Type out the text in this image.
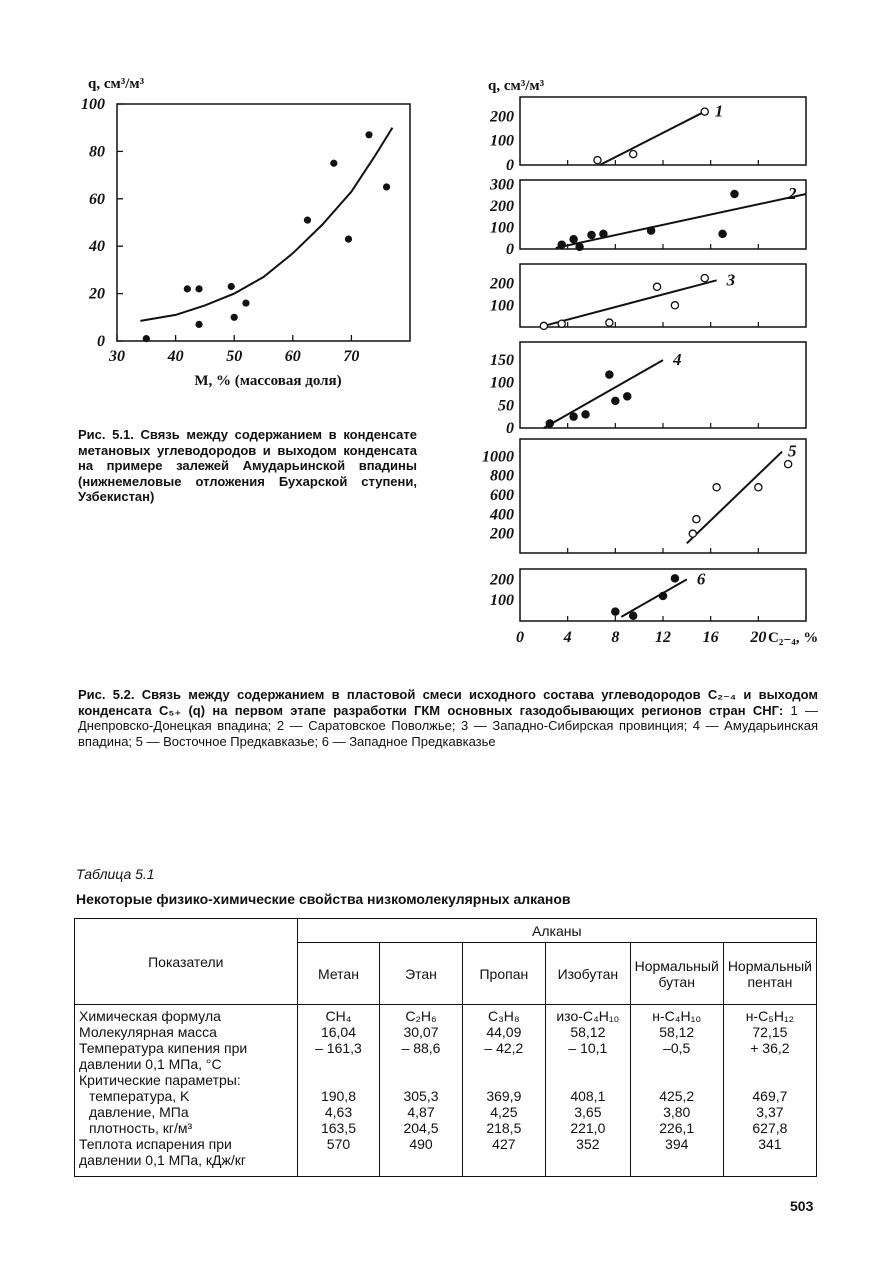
q, см³/м³
M, % (массовая доля)
0
20
40
60
80
100
30	40	50	60	70
Рис. 5.1. Связь между содержанием в конденсате метановых углеводородов и выходом конденсата на примере залежей Амударьинской впадины (нижнемеловые отложения Бухарской ступени, Узбекистан)
q, см³/м³
C₂₋₄, %
0
100
200	1
0
100
200
300	2
100
200	3
0
50
100
150	4
200
400
600
800
1000	5
100
200	6
0 4 8 12 16 20
Рис. 5.2. Связь между содержанием в пластовой смеси исходного состава углеводородов C₂₋₄ и выходом конденсата C₅₊ (q) на первом этапе разработки ГКМ основных газодобывающих регионов стран СНГ: 1 — Днепровско-Донецкая впадина; 2 — Саратовское Поволжье; 3 — Западно-Сибирская провинция; 4 — Амударьинская впадина; 5 — Восточное Предкавказье; 6 — Западное Предкавказье
Таблица 5.1
Некоторые физико-химические свойства низкомолекулярных алканов
Показатели	Алканы					
	Метан	Этан	Пропан	Изобутан	Нормальный бутан	Нормальный пентан
Химическая формула	CH₄	C₂H₆	C₃H₈	изо-C₄H₁₀	н-C₄H₁₀	н-C₅H₁₂
Молекулярная масса	16,04	30,07	44,09	58,12	58,12	72,15
Температура кипения при давлении 0,1 МПа, °C	– 161,3	– 88,6	– 42,2	– 10,1	–0,5	+ 36,2
Критические параметры:						
температура, K	190,8	305,3	369,9	408,1	425,2	469,7
давление, МПа	4,63	4,87	4,25	3,65	3,80	3,37
плотность, кг/м³	163,5	204,5	218,5	221,0	226,1	627,8
Теплота испарения при давлении 0,1 МПа, кДж/кг	570	490	427	352	394	341
503
